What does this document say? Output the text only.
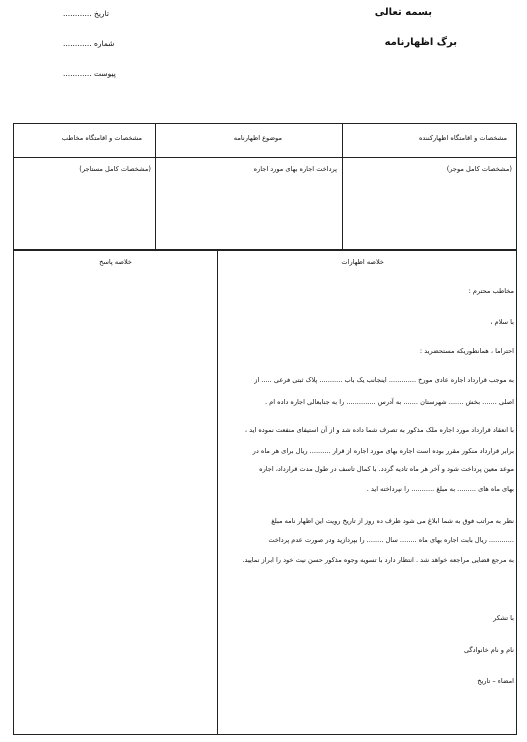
بسمه تعالی
برگ اظهارنامه
تاریخ ............
شماره ............
پیوست ............
مشخصات و اقامتگاه اظهارکننده
موضوع اظهارنامه
مشخصات و اقامتگاه مخاطب
(مشخصات کامل موجر)
پرداخت اجاره بهای مورد اجاره
(مشخصات کامل مستاجر)
خلاصه اظهارات
خلاصه پاسخ
مخاطب محترم :
با سلام ،
احتراما ، همانطوریکه مستحضرید :
به موجب قرارداد اجاره عادی مورخ ............. اینجانب یک باب ........... پلاک ثبتی فرعی ..... از
اصلی ....... بخش ....... شهرستان ....... به آدرس .............. را به جنابعالی اجاره داده ام .
با انعقاد قرارداد مورد اجاره ملک مذکور به تصرف شما داده شد و از آن استیفای منفعت نموده اید ،
برابر قرارداد منکور مقرر بوده است اجاره بهای مورد اجاره از قرار .......... ریال برای هر ماه در
موعد معین پرداخت شود و آخر هر ماه تادیه گردد. با کمال تاسف در طول مدت قرارداد، اجاره
بهای ماه های ......... به مبلغ ........... را نپرداخته اید .
نظر به مراتب فوق به شما ابلاغ می شود ظرف ده روز از تاریخ رویت این اظهار نامه مبلغ
............ ریال بابت اجاره بهای ماه ........ سال ........ را بپردازید ودر صورت عدم پرداخت
به مرجع قضایی مراجعه خواهد شد . انتظار دارد با تسویه وجوه مذکور حسن نیت خود را ابراز نمایید.
با تشکر
نام و نام خانوادگی
امضاء – تاریخ
